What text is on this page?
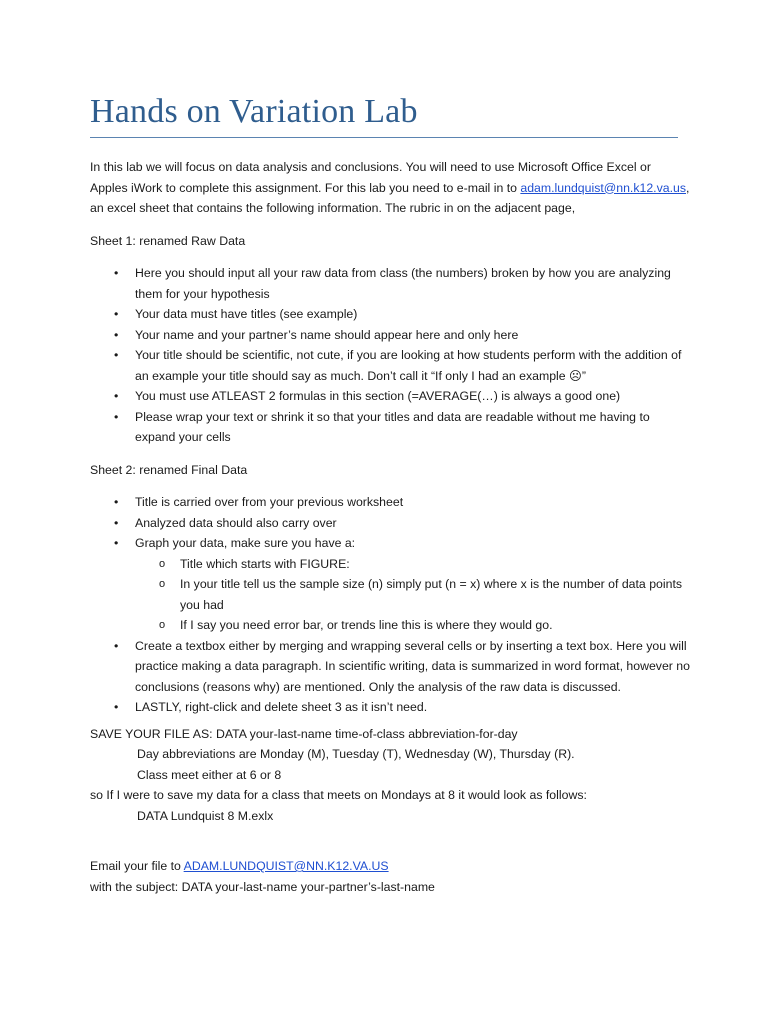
Hands on Variation Lab

In this lab we will focus on data analysis and conclusions. You will need to use Microsoft Office Excel or Apples iWork to complete this assignment. For this lab you need to e-mail in to adam.lundquist@nn.k12.va.us, an excel sheet that contains the following information. The rubric in on the adjacent page,

Sheet 1: renamed Raw Data

• Here you should input all your raw data from class (the numbers) broken by how you are analyzing them for your hypothesis
• Your data must have titles (see example)
• Your name and your partner’s name should appear here and only here
• Your title should be scientific, not cute, if you are looking at how students perform with the addition of an example your title should say as much. Don’t call it “If only I had an example ☹”
• You must use ATLEAST 2 formulas in this section (=AVERAGE(…) is always a good one)
• Please wrap your text or shrink it so that your titles and data are readable without me having to expand your cells

Sheet 2: renamed Final Data

• Title is carried over from your previous worksheet
• Analyzed data should also carry over
• Graph your data, make sure you have a:
o Title which starts with FIGURE:
o In your title tell us the sample size (n) simply put (n = x) where x is the number of data points you had
o If I say you need error bar, or trends line this is where they would go.
• Create a textbox either by merging and wrapping several cells or by inserting a text box. Here you will practice making a data paragraph. In scientific writing, data is summarized in word format, however no conclusions (reasons why) are mentioned. Only the analysis of the raw data is discussed.
• LASTLY, right-click and delete sheet 3 as it isn’t need.

SAVE YOUR FILE AS: DATA your-last-name time-of-class abbreviation-for-day

Day abbreviations are Monday (M), Tuesday (T), Wednesday (W), Thursday (R).

Class meet either at 6 or 8

so If I were to save my data for a class that meets on Mondays at 8 it would look as follows:

DATA Lundquist 8 M.exlx

Email your file to ADAM.LUNDQUIST@NN.K12.VA.US

with the subject: DATA your-last-name your-partner’s-last-name
